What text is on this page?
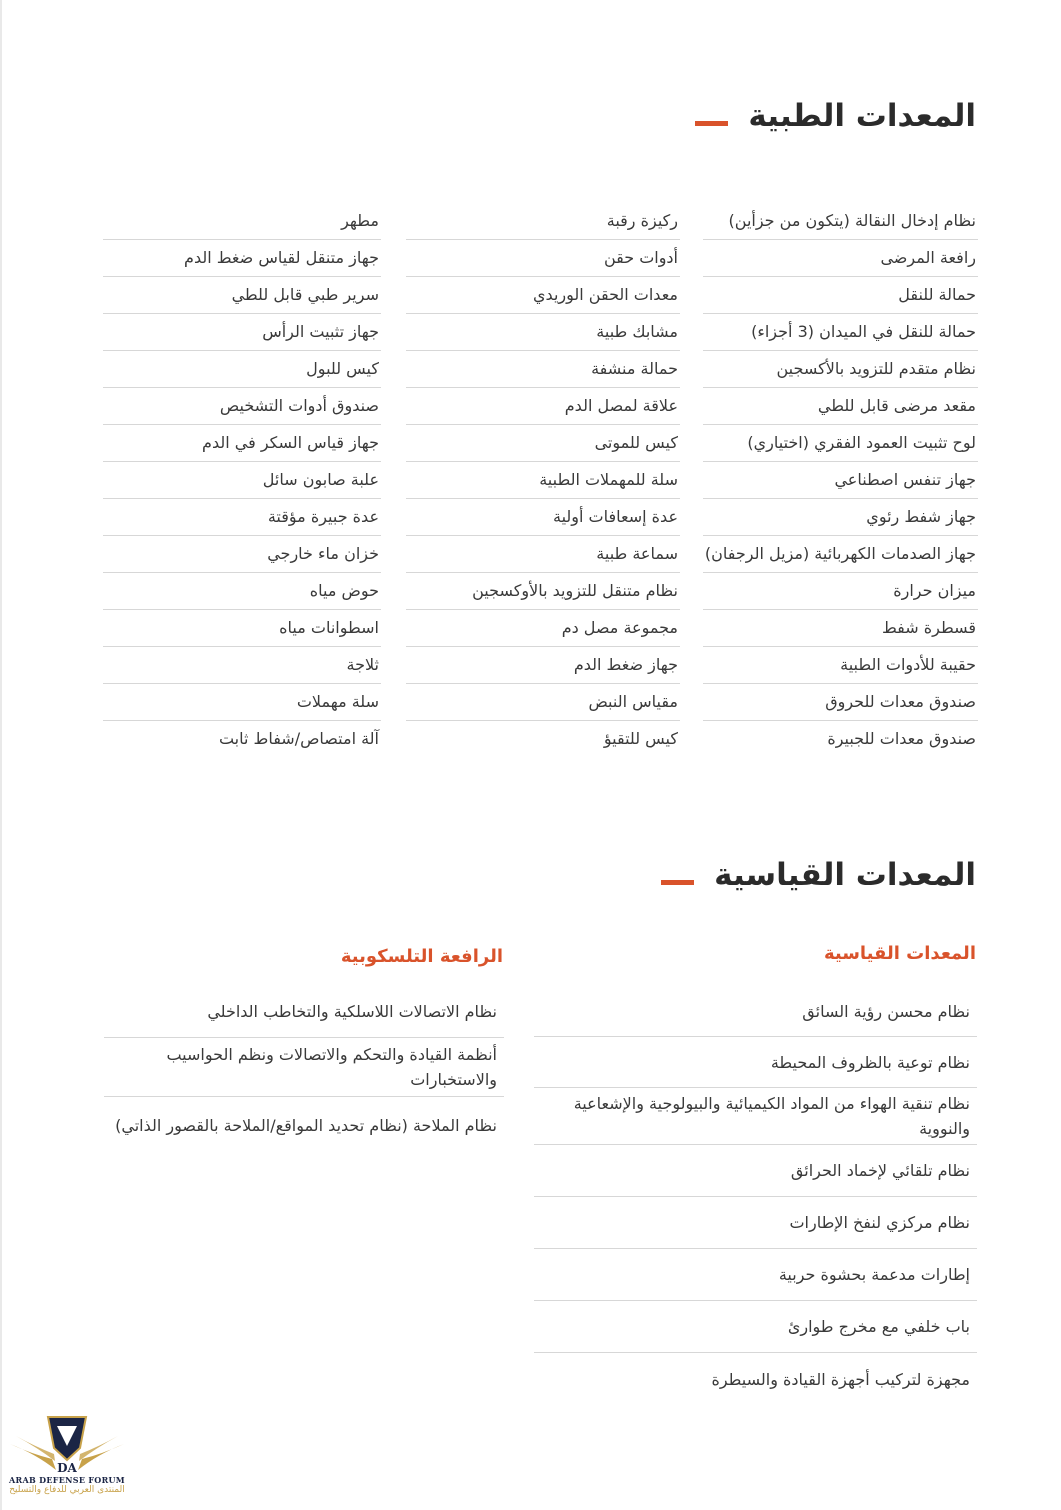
المعدات الطبية
نظام إدخال النقالة (يتكون من جزأين)
رافعة المرضى
حمالة للنقل
حمالة للنقل في الميدان (3 أجزاء)
نظام متقدم للتزويد بالأكسجين
مقعد مرضى قابل للطي
لوح تثبيت العمود الفقري (اختياري)
جهاز تنفس اصطناعي
جهاز شفط رئوي
جهاز الصدمات الكهربائية (مزيل الرجفان)
ميزان حرارة
قسطرة شفط
حقيبة للأدوات الطبية
صندوق معدات للحروق
صندوق معدات للجبيرة
ركيزة رقبة
أدوات حقن
معدات الحقن الوريدي
مشابك طبية
حمالة منشفة
علاقة لمصل الدم
كيس للموتى
سلة للمهملات الطبية
عدة إسعافات أولية
سماعة طبية
نظام متنقل للتزويد بالأوكسجين
مجموعة مصل دم
جهاز ضغط الدم
مقياس النبض
كيس للتقيؤ
مطهر
جهاز متنقل لقياس ضغط الدم
سرير طبي قابل للطي
جهاز تثبيت الرأس
كيس للبول
صندوق أدوات التشخيص
جهاز قياس السكر في الدم
علبة صابون سائل
عدة جبيرة مؤقتة
خزان ماء خارجي
حوض مياه
اسطوانات مياه
ثلاجة
سلة مهملات
آلة امتصاص/شفاط ثابت
المعدات القياسية
المعدات القياسية
الرافعة التلسكوبية
نظام محسن رؤية السائق
نظام توعية بالظروف المحيطة
نظام تنقية الهواء من المواد الكيميائية والبيولوجية والإشعاعية والنووية
نظام تلقائي لإخماد الحرائق
نظام مركزي لنفخ الإطارات
إطارات مدعمة بحشوة حربية
باب خلفي مع مخرج طوارئ
مجهزة لتركيب أجهزة القيادة والسيطرة
نظام الاتصالات اللاسلكية والتخاطب الداخلي
أنظمة القيادة والتحكم والاتصالات ونظم الحواسيب والاستخبارات
نظام الملاحة (نظام تحديد المواقع/الملاحة بالقصور الذاتي)
DA
ARAB DEFENSE FORUM
المنتدى العربي للدفاع والتسليح
